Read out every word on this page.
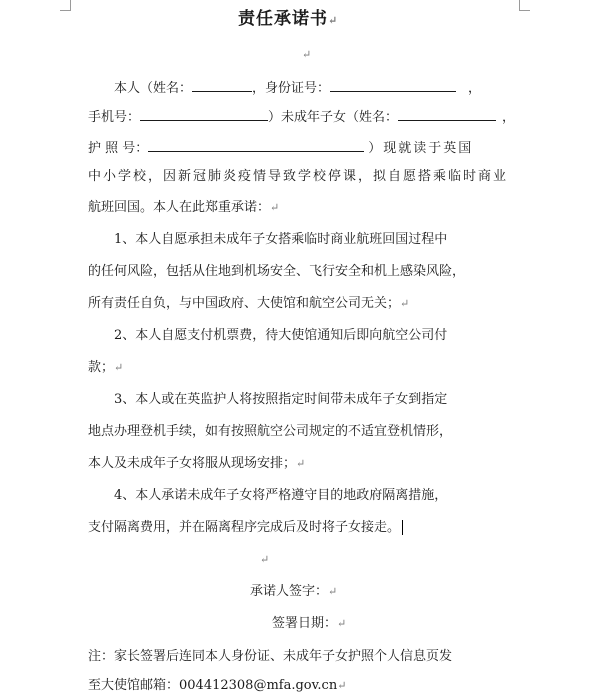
责任承诺书↵
↵
本人（姓名：	，身份证号：	，
手机号：	）未成年子女（姓名：	，
护 照 号：	）现就读于英国
中小学校，因新冠肺炎疫情导致学校停课，拟自愿搭乘临时商业
航班回国。本人在此郑重承诺：↵
1、本人自愿承担未成年子女搭乘临时商业航班回国过程中
的任何风险，包括从住地到机场安全、飞行安全和机上感染风险，
所有责任自负，与中国政府、大使馆和航空公司无关；↵
2、本人自愿支付机票费，待大使馆通知后即向航空公司付
款；↵
3、本人或在英监护人将按照指定时间带未成年子女到指定
地点办理登机手续，如有按照航空公司规定的不适宜登机情形，
本人及未成年子女将服从现场安排；↵
4、本人承诺未成年子女将严格遵守目的地政府隔离措施，
支付隔离费用，并在隔离程序完成后及时将子女接走。
↵
承诺人签字：↵
签署日期：↵
注：家长签署后连同本人身份证、未成年子女护照个人信息页发
至大使馆邮箱：004412308@mfa.gov.cn↵
